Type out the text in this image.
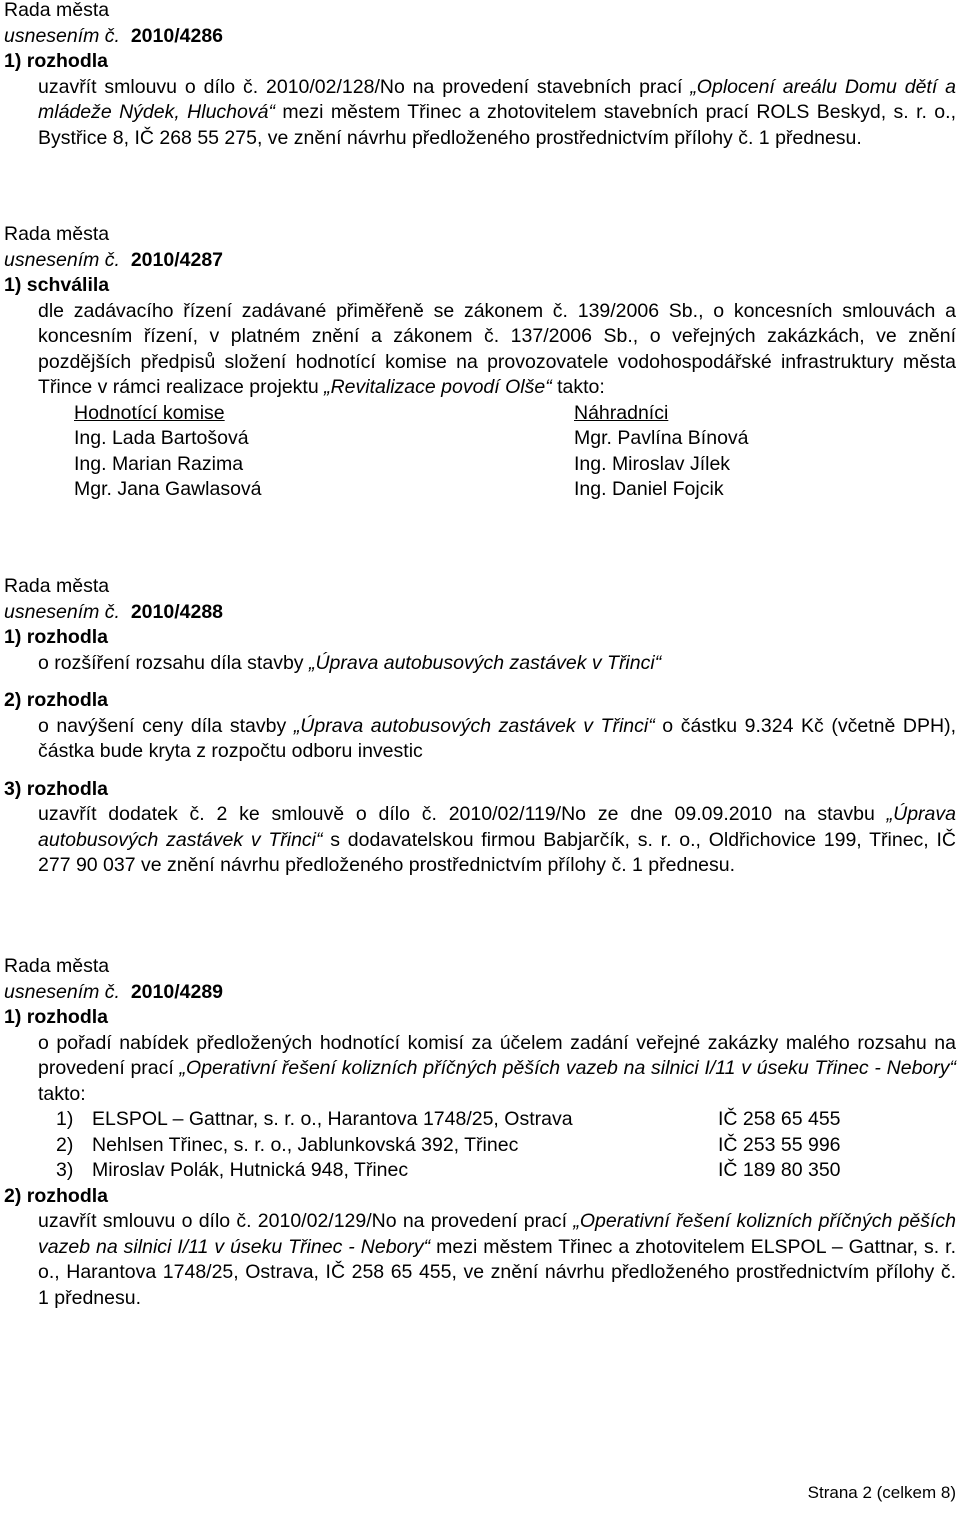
Rada města
usnesením č. 2010/4286
1) rozhodla
uzavřít smlouvu o dílo č. 2010/02/128/No na provedení stavebních prací „Oplocení areálu Domu dětí a mládeže Nýdek, Hluchová“ mezi městem Třinec a zhotovitelem stavebních prací ROLS Beskyd, s. r. o., Bystřice 8, IČ 268 55 275, ve znění návrhu předloženého prostřednictvím přílohy č. 1 přednesu.
Rada města
usnesením č. 2010/4287
1) schválila
dle zadávacího řízení zadávané přiměřeně se zákonem č. 139/2006 Sb., o koncesních smlouvách a koncesním řízení, v platném znění a zákonem č. 137/2006 Sb., o veřejných zakázkách, ve znění pozdějších předpisů složení hodnotící komise na provozovatele vodohospodářské infrastruktury města Třince v rámci realizace projektu „Revitalizace povodí Olše“ takto:
Hodnotící komise	Náhradníci
Ing. Lada Bartošová	Mgr. Pavlína Bínová
Ing. Marian Razima	Ing. Miroslav Jílek
Mgr. Jana Gawlasová	Ing. Daniel Fojcik
Rada města
usnesením č. 2010/4288
1) rozhodla
o rozšíření rozsahu díla stavby „Úprava autobusových zastávek v Třinci“
2) rozhodla
o navýšení ceny díla stavby „Úprava autobusových zastávek v Třinci“ o částku 9.324 Kč (včetně DPH), částka bude kryta z rozpočtu odboru investic
3) rozhodla
uzavřít dodatek č. 2 ke smlouvě o dílo č. 2010/02/119/No ze dne 09.09.2010 na stavbu „Úprava autobusových zastávek v Třinci“ s dodavatelskou firmou Babjarčík, s. r. o., Oldřichovice 199, Třinec, IČ 277 90 037 ve znění návrhu předloženého prostřednictvím přílohy č. 1 přednesu.
Rada města
usnesením č. 2010/4289
1) rozhodla
o pořadí nabídek předložených hodnotící komisí za účelem zadání veřejné zakázky malého rozsahu na provedení prací „Operativní řešení kolizních příčných pěších vazeb na silnici I/11 v úseku Třinec - Nebory“ takto:
1) ELSPOL – Gattnar, s. r. o., Harantova 1748/25, Ostrava	IČ 258 65 455
2) Nehlsen Třinec, s. r. o., Jablunkovská 392, Třinec	IČ 253 55 996
3) Miroslav Polák, Hutnická 948, Třinec	IČ 189 80 350
2) rozhodla
uzavřít smlouvu o dílo č. 2010/02/129/No na provedení prací „Operativní řešení kolizních příčných pěších vazeb na silnici I/11 v úseku Třinec - Nebory“ mezi městem Třinec a zhotovitelem ELSPOL – Gattnar, s. r. o., Harantova 1748/25, Ostrava, IČ 258 65 455, ve znění návrhu předloženého prostřednictvím přílohy č. 1 přednesu.
Strana 2 (celkem 8)
